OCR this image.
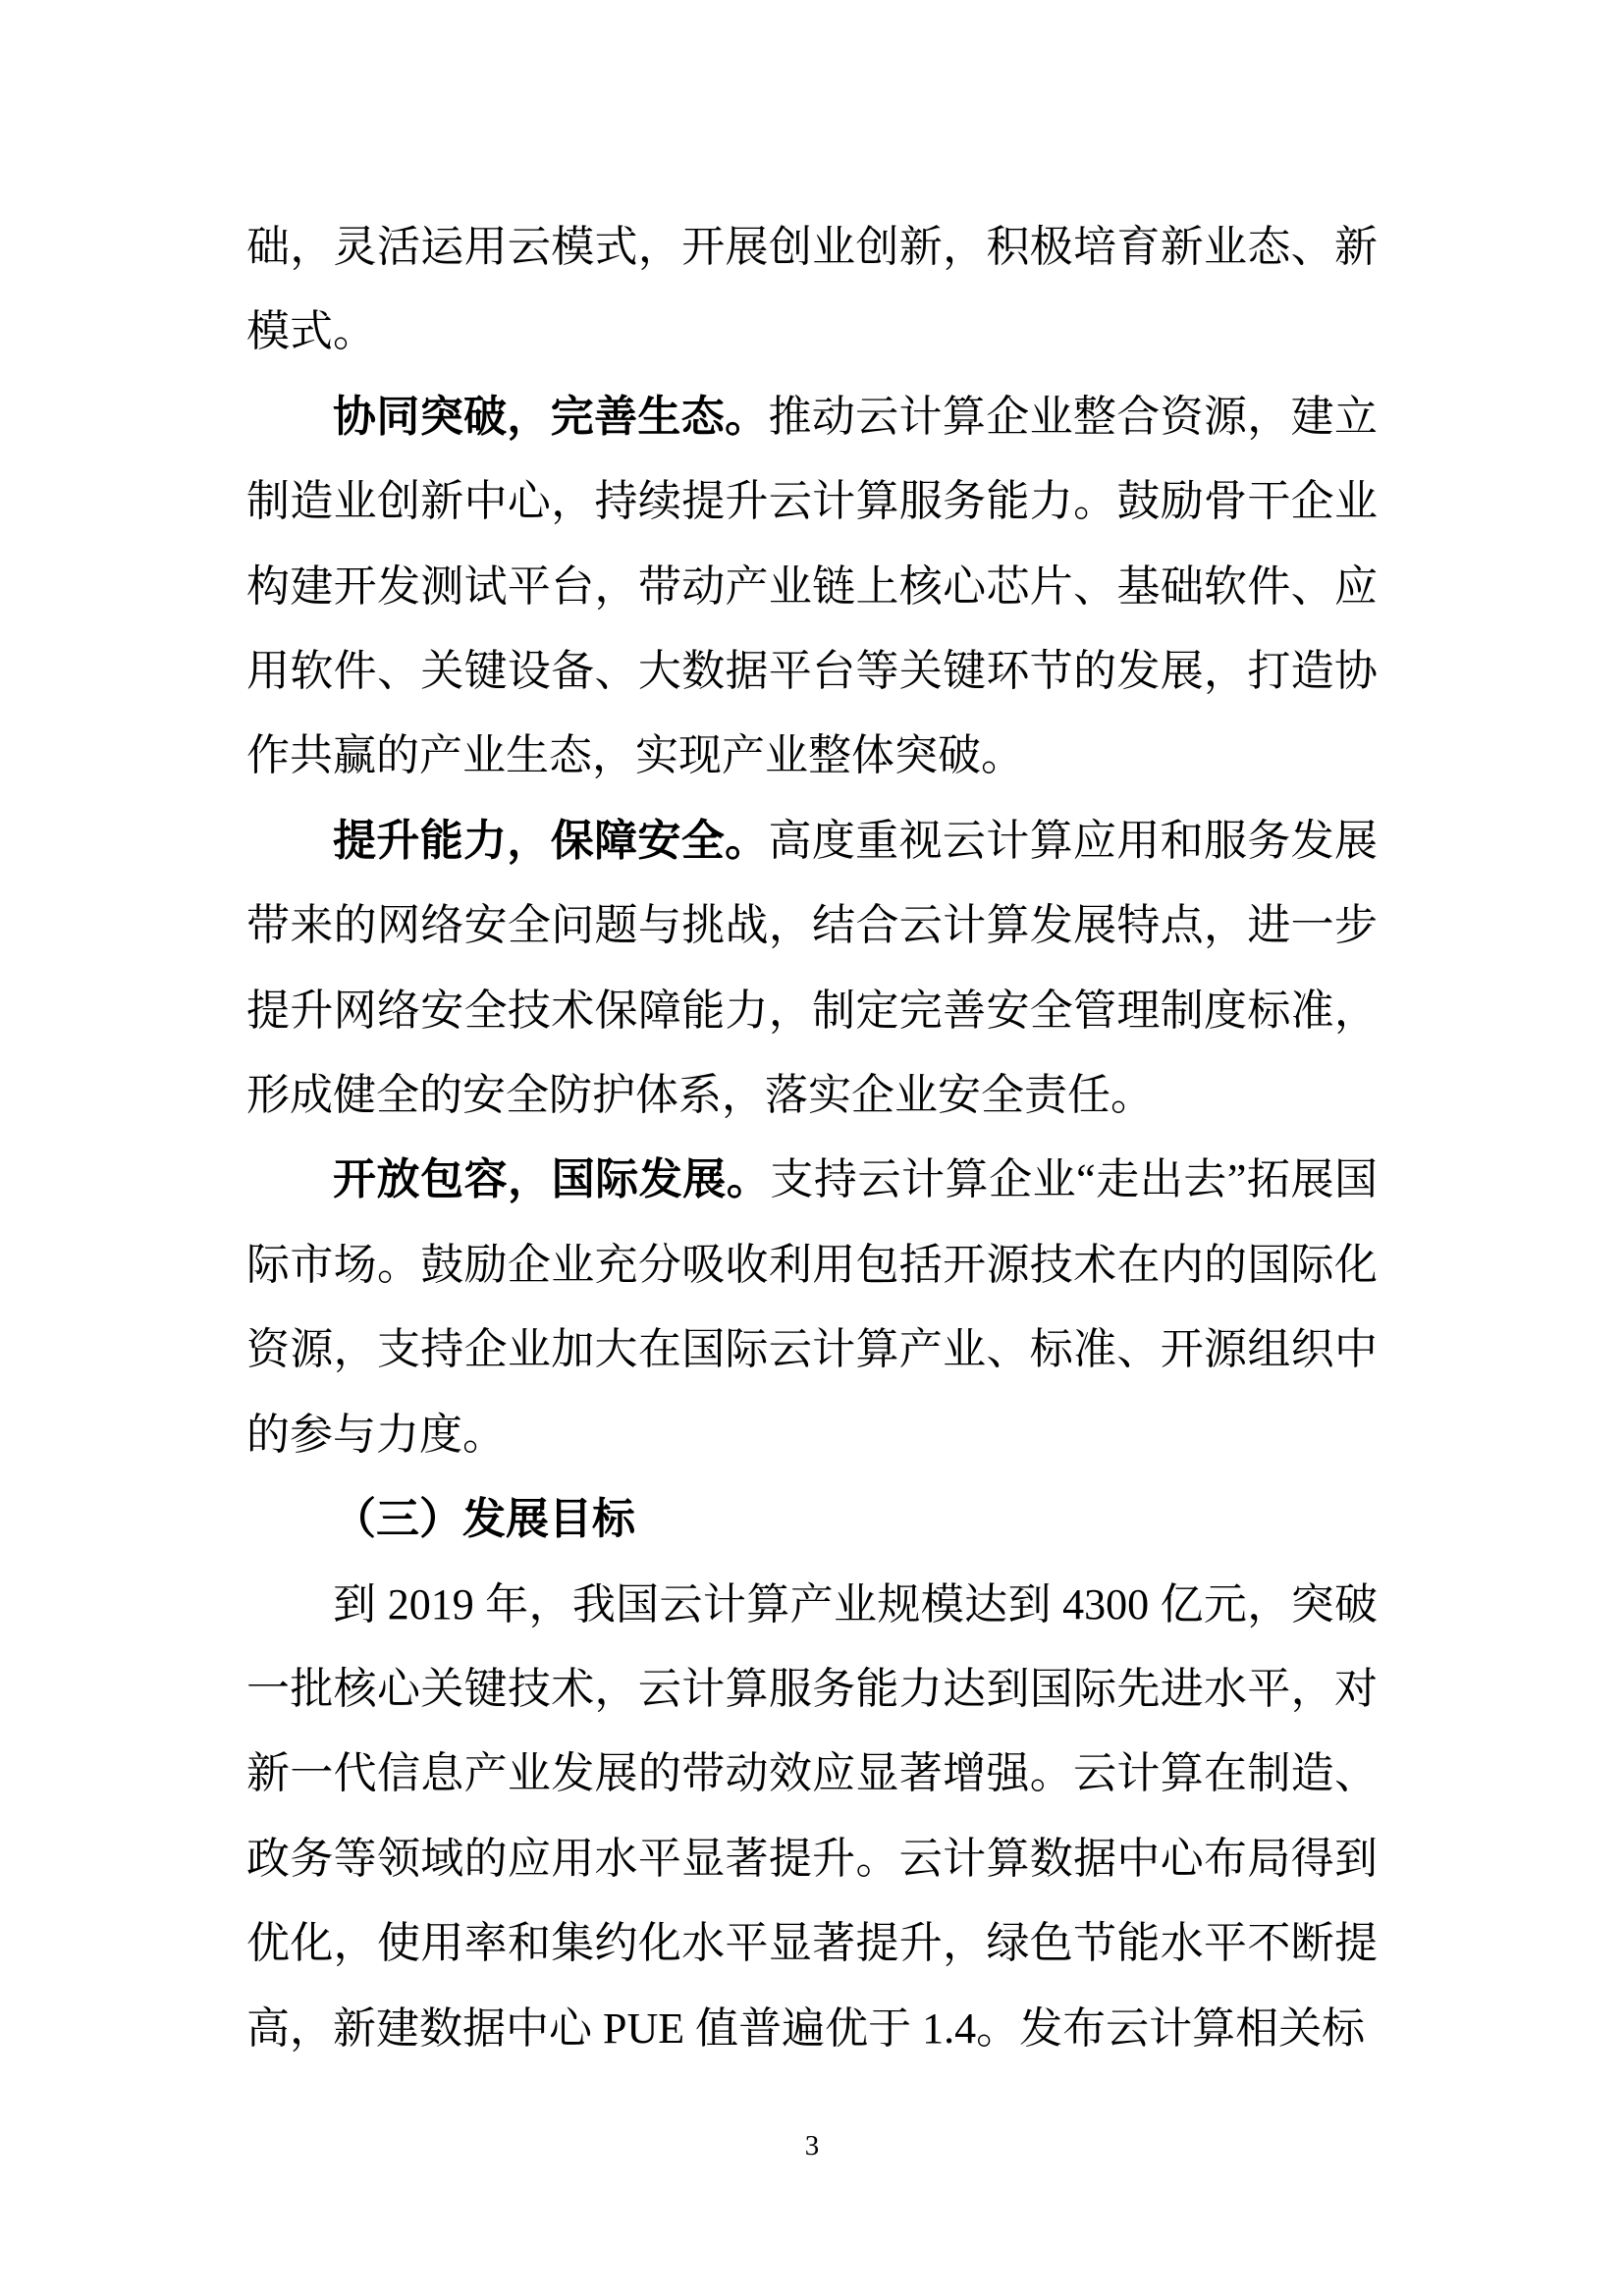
础，灵活运用云模式，开展创业创新，积极培育新业态、新模式。

协同突破，完善生态。推动云计算企业整合资源，建立制造业创新中心，持续提升云计算服务能力。鼓励骨干企业构建开发测试平台，带动产业链上核心芯片、基础软件、应用软件、关键设备、大数据平台等关键环节的发展，打造协作共赢的产业生态，实现产业整体突破。

提升能力，保障安全。高度重视云计算应用和服务发展带来的网络安全问题与挑战，结合云计算发展特点，进一步提升网络安全技术保障能力，制定完善安全管理制度标准，形成健全的安全防护体系，落实企业安全责任。

开放包容，国际发展。支持云计算企业“走出去”拓展国际市场。鼓励企业充分吸收利用包括开源技术在内的国际化资源，支持企业加大在国际云计算产业、标准、开源组织中的参与力度。

（三）发展目标

到 2019 年，我国云计算产业规模达到 4300 亿元，突破一批核心关键技术，云计算服务能力达到国际先进水平，对新一代信息产业发展的带动效应显著增强。云计算在制造、政务等领域的应用水平显著提升。云计算数据中心布局得到优化，使用率和集约化水平显著提升，绿色节能水平不断提高，新建数据中心 PUE 值普遍优于 1.4。发布云计算相关标

3
